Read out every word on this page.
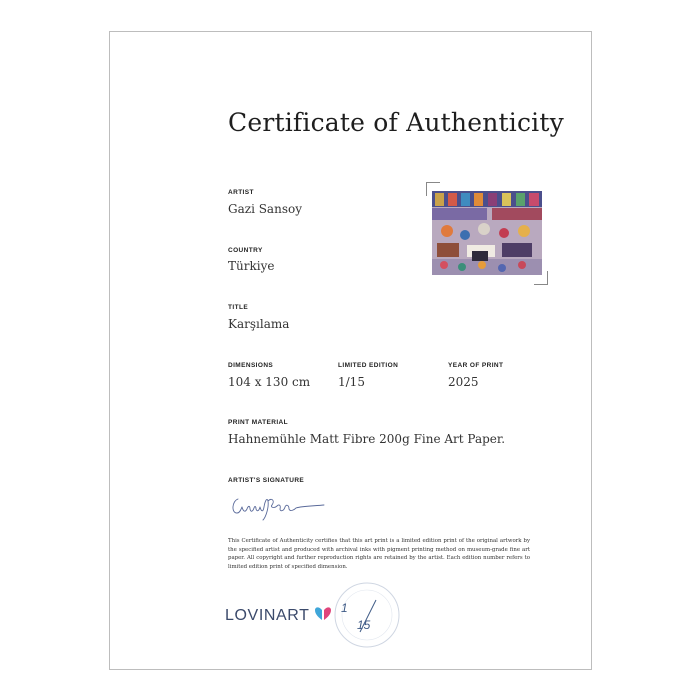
Certificate of Authenticity
ARTIST
Gazi Sansoy
COUNTRY
Türkiye
TITLE
Karşılama
DIMENSIONS
104 x 130 cm
LIMITED EDITION
1/15
YEAR OF PRINT
2025
PRINT MATERIAL
Hahnemühle Matt Fibre 200g Fine Art Paper.
ARTIST'S SIGNATURE
This Certificate of Authenticity certifies that this art print is a limited edition print of the original artwork by the specified artist and produced with archival inks with pigment printing method on museum-grade fine art paper. All copyright and further reproduction rights are retained by the artist. Each edition number refers to limited edition print of specified dimension.
LOVINART	1
15
